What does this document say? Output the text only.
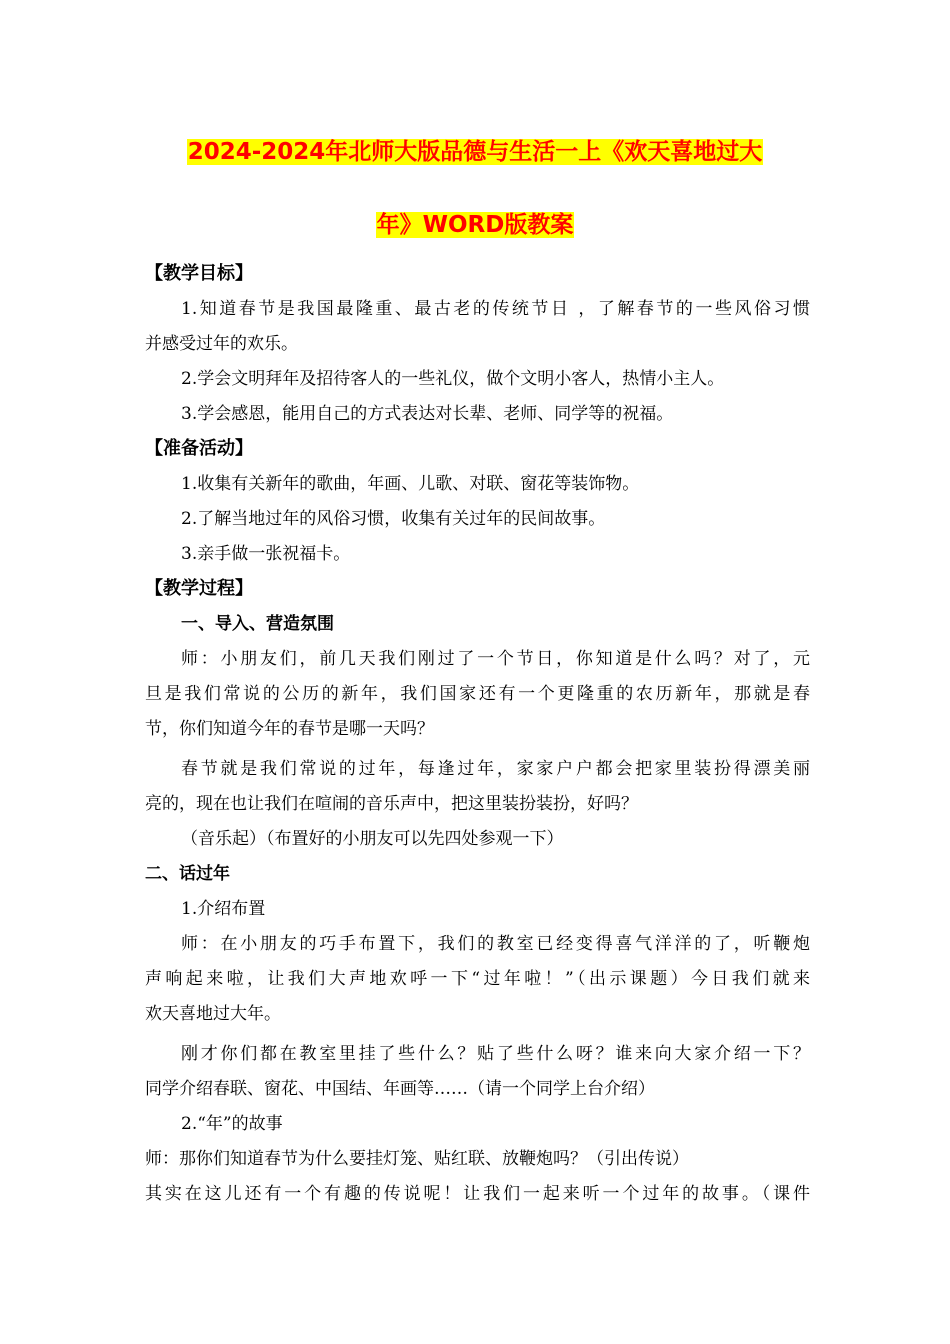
2024-2024年北师大版品德与生活一上《欢天喜地过大
年》WORD版教案
【教学目标】
1.知道春节是我国最隆重、最古老的传统节日 ，了解春节的一些风俗习惯
并感受过年的欢乐。
2.学会文明拜年及招待客人的一些礼仪，做个文明小客人，热情小主人。
3.学会感恩，能用自己的方式表达对长辈、老师、同学等的祝福。
【准备活动】
1.收集有关新年的歌曲，年画、儿歌、对联、窗花等装饰物。
2.了解当地过年的风俗习惯，收集有关过年的民间故事。
3.亲手做一张祝福卡。
【教学过程】
一、导入、营造氛围
师：小朋友们，前几天我们刚过了一个节日，你知道是什么吗？对了，元
旦是我们常说的公历的新年，我们国家还有一个更隆重的农历新年，那就是春
节，你们知道今年的春节是哪一天吗？
春节就是我们常说的过年，每逢过年，家家户户都会把家里装扮得漂美丽
亮的，现在也让我们在喧闹的音乐声中，把这里装扮装扮，好吗？
（音乐起）（布置好的小朋友可以先四处参观一下）
二、话过年
1.介绍布置
师：在小朋友的巧手布置下，我们的教室已经变得喜气洋洋的了，听鞭炮
声响起来啦，让我们大声地欢呼一下“过年啦！”（出示课题）今日我们就来
欢天喜地过大年。
刚才你们都在教室里挂了些什么？贴了些什么呀？谁来向大家介绍一下？
同学介绍春联、窗花、中国结、年画等……（请一个同学上台介绍）
2.“年”的故事
师：那你们知道春节为什么要挂灯笼、贴红联、放鞭炮吗？（引出传说）
其实在这儿还有一个有趣的传说呢！让我们一起来听一个过年的故事。（课件
